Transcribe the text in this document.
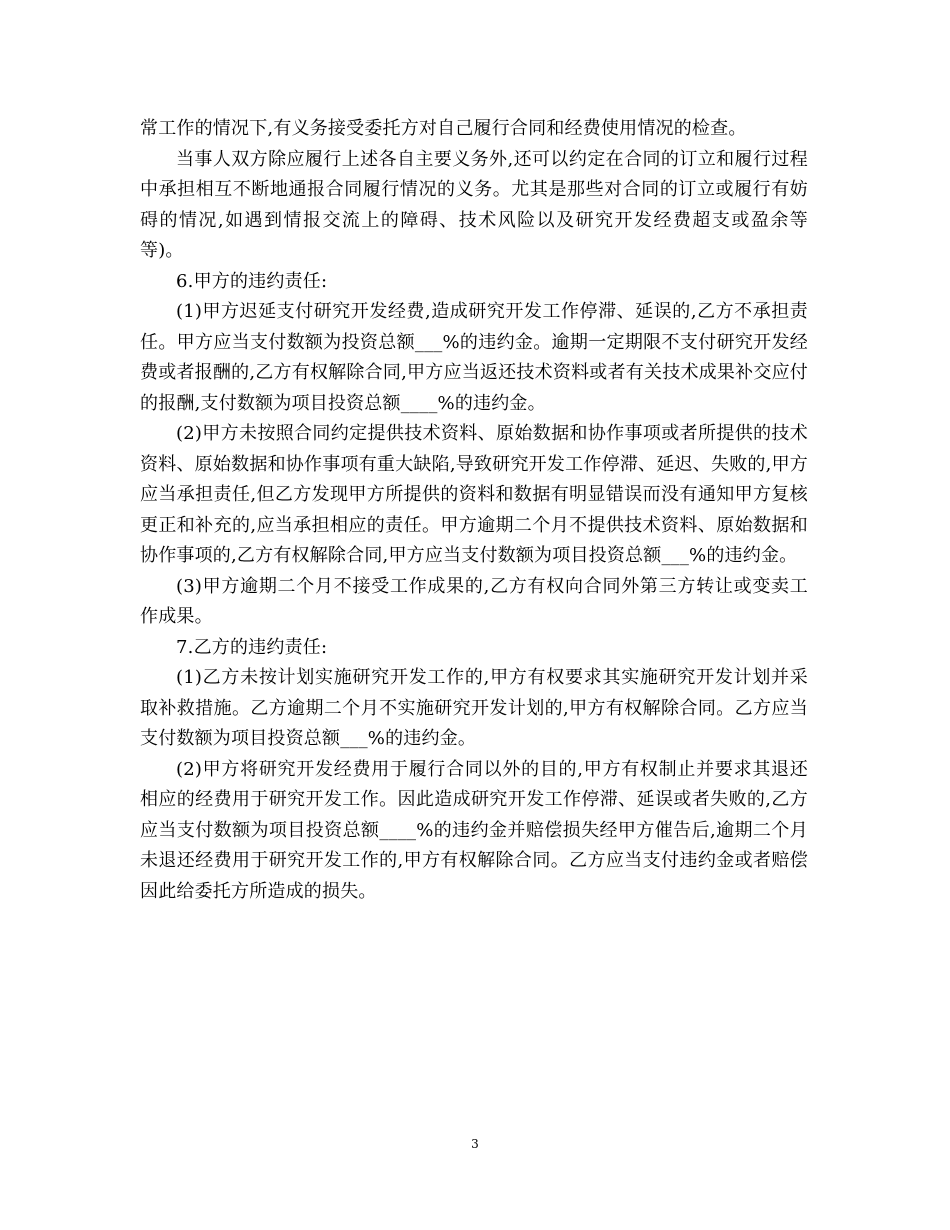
常工作的情况下,有义务接受委托方对自己履行合同和经费使用情况的检查。

当事人双方除应履行上述各自主要义务外,还可以约定在合同的订立和履行过程中承担相互不断地通报合同履行情况的义务。尤其是那些对合同的订立或履行有妨碍的情况,如遇到情报交流上的障碍、技术风险以及研究开发经费超支或盈余等等)。

6.甲方的违约责任:

(1)甲方迟延支付研究开发经费,造成研究开发工作停滞、延误的,乙方不承担责任。甲方应当支付数额为投资总额___%的违约金。逾期一定期限不支付研究开发经费或者报酬的,乙方有权解除合同,甲方应当返还技术资料或者有关技术成果补交应付的报酬,支付数额为项目投资总额____%的违约金。

(2)甲方未按照合同约定提供技术资料、原始数据和协作事项或者所提供的技术资料、原始数据和协作事项有重大缺陷,导致研究开发工作停滞、延迟、失败的,甲方应当承担责任,但乙方发现甲方所提供的资料和数据有明显错误而没有通知甲方复核更正和补充的,应当承担相应的责任。甲方逾期二个月不提供技术资料、原始数据和协作事项的,乙方有权解除合同,甲方应当支付数额为项目投资总额___%的违约金。

(3)甲方逾期二个月不接受工作成果的,乙方有权向合同外第三方转让或变卖工作成果。

7.乙方的违约责任:

(1)乙方未按计划实施研究开发工作的,甲方有权要求其实施研究开发计划并采取补救措施。乙方逾期二个月不实施研究开发计划的,甲方有权解除合同。乙方应当支付数额为项目投资总额___%的违约金。

(2)甲方将研究开发经费用于履行合同以外的目的,甲方有权制止并要求其退还相应的经费用于研究开发工作。因此造成研究开发工作停滞、延误或者失败的,乙方应当支付数额为项目投资总额____%的违约金并赔偿损失经甲方催告后,逾期二个月未退还经费用于研究开发工作的,甲方有权解除合同。乙方应当支付违约金或者赔偿因此给委托方所造成的损失。

3
